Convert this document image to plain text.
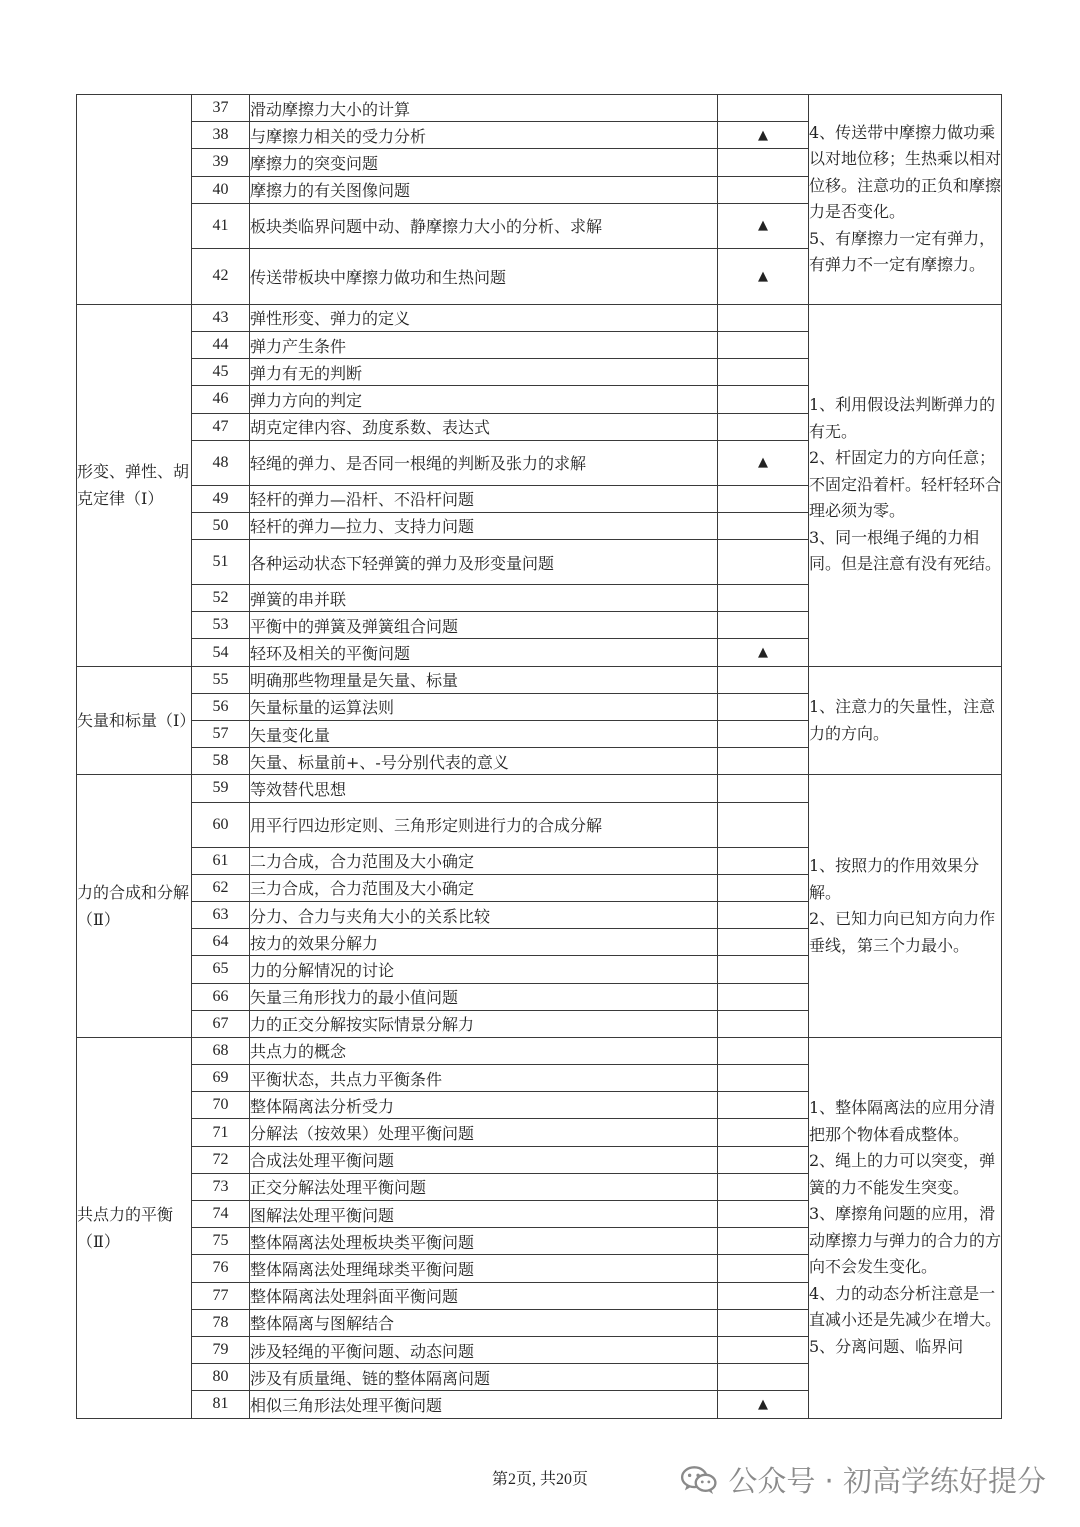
	37	滑动摩擦力大小的计算		4、传送带中摩擦力做功乘以对地位移；生热乘以相对位移。注意功的正负和摩擦力是否变化。
5、有摩擦力一定有弹力，有弹力不一定有摩擦力。

	38	与摩擦力相关的受力分析	▲	
	39	摩擦力的突变问题		
	40	摩擦力的有关图像问题		
	41	板块类临界问题中动、静摩擦力大小的分析、求解	▲	
	42	传送带板块中摩擦力做功和生热问题	▲	
形变、弹性、胡克定律（Ⅰ）	43	弹性形变、弹力的定义		1、利用假设法判断弹力的有无。
2、杆固定力的方向任意；不固定沿着杆。轻杆轻环合理必须为零。
3、同一根绳子绳的力相同。但是注意有没有死结。

	44	弹力产生条件		
	45	弹力有无的判断		
	46	弹力方向的判定		
	47	胡克定律内容、劲度系数、表达式		
	48	轻绳的弹力、是否同一根绳的判断及张力的求解	▲	
	49	轻杆的弹力—沿杆、不沿杆问题		
	50	轻杆的弹力—拉力、支持力问题		
	51	各种运动状态下轻弹簧的弹力及形变量问题		
	52	弹簧的串并联		
	53	平衡中的弹簧及弹簧组合问题		
	54	轻环及相关的平衡问题	▲	
矢量和标量（Ⅰ）	55	明确那些物理量是矢量、标量		1、注意力的矢量性，注意力的方向。

	56	矢量标量的运算法则		
	57	矢量变化量		
	58	矢量、标量前+、-号分别代表的意义		
力的合成和分解（Ⅱ）	59	等效替代思想		1、按照力的作用效果分解。
2、已知力向已知方向力作垂线，第三个力最小。

	60	用平行四边形定则、三角形定则进行力的合成分解		
	61	二力合成，合力范围及大小确定		
	62	三力合成，合力范围及大小确定		
	63	分力、合力与夹角大小的关系比较		
	64	按力的效果分解力		
	65	力的分解情况的讨论		
	66	矢量三角形找力的最小值问题		
	67	力的正交分解按实际情景分解力		
共点力的平衡（Ⅱ）	68	共点力的概念		1、整体隔离法的应用分清把那个物体看成整体。
2、绳上的力可以突变，弹簧的力不能发生突变。
3、摩擦角问题的应用，滑动摩擦力与弹力的合力的方向不会发生变化。
4、力的动态分析注意是一直减小还是先减少在增大。
5、分离问题、临界问

	69	平衡状态，共点力平衡条件		
	70	整体隔离法分析受力		
	71	分解法（按效果）处理平衡问题		
	72	合成法处理平衡问题		
	73	正交分解法处理平衡问题		
	74	图解法处理平衡问题		
	75	整体隔离法处理板块类平衡问题		
	76	整体隔离法处理绳球类平衡问题		
	77	整体隔离法处理斜面平衡问题		
	78	整体隔离与图解结合		
	79	涉及轻绳的平衡问题、动态问题		
	80	涉及有质量绳、链的整体隔离问题		
	81	相似三角形法处理平衡问题	▲	
第2页, 共20页	公众号 · 初高学练好提分
